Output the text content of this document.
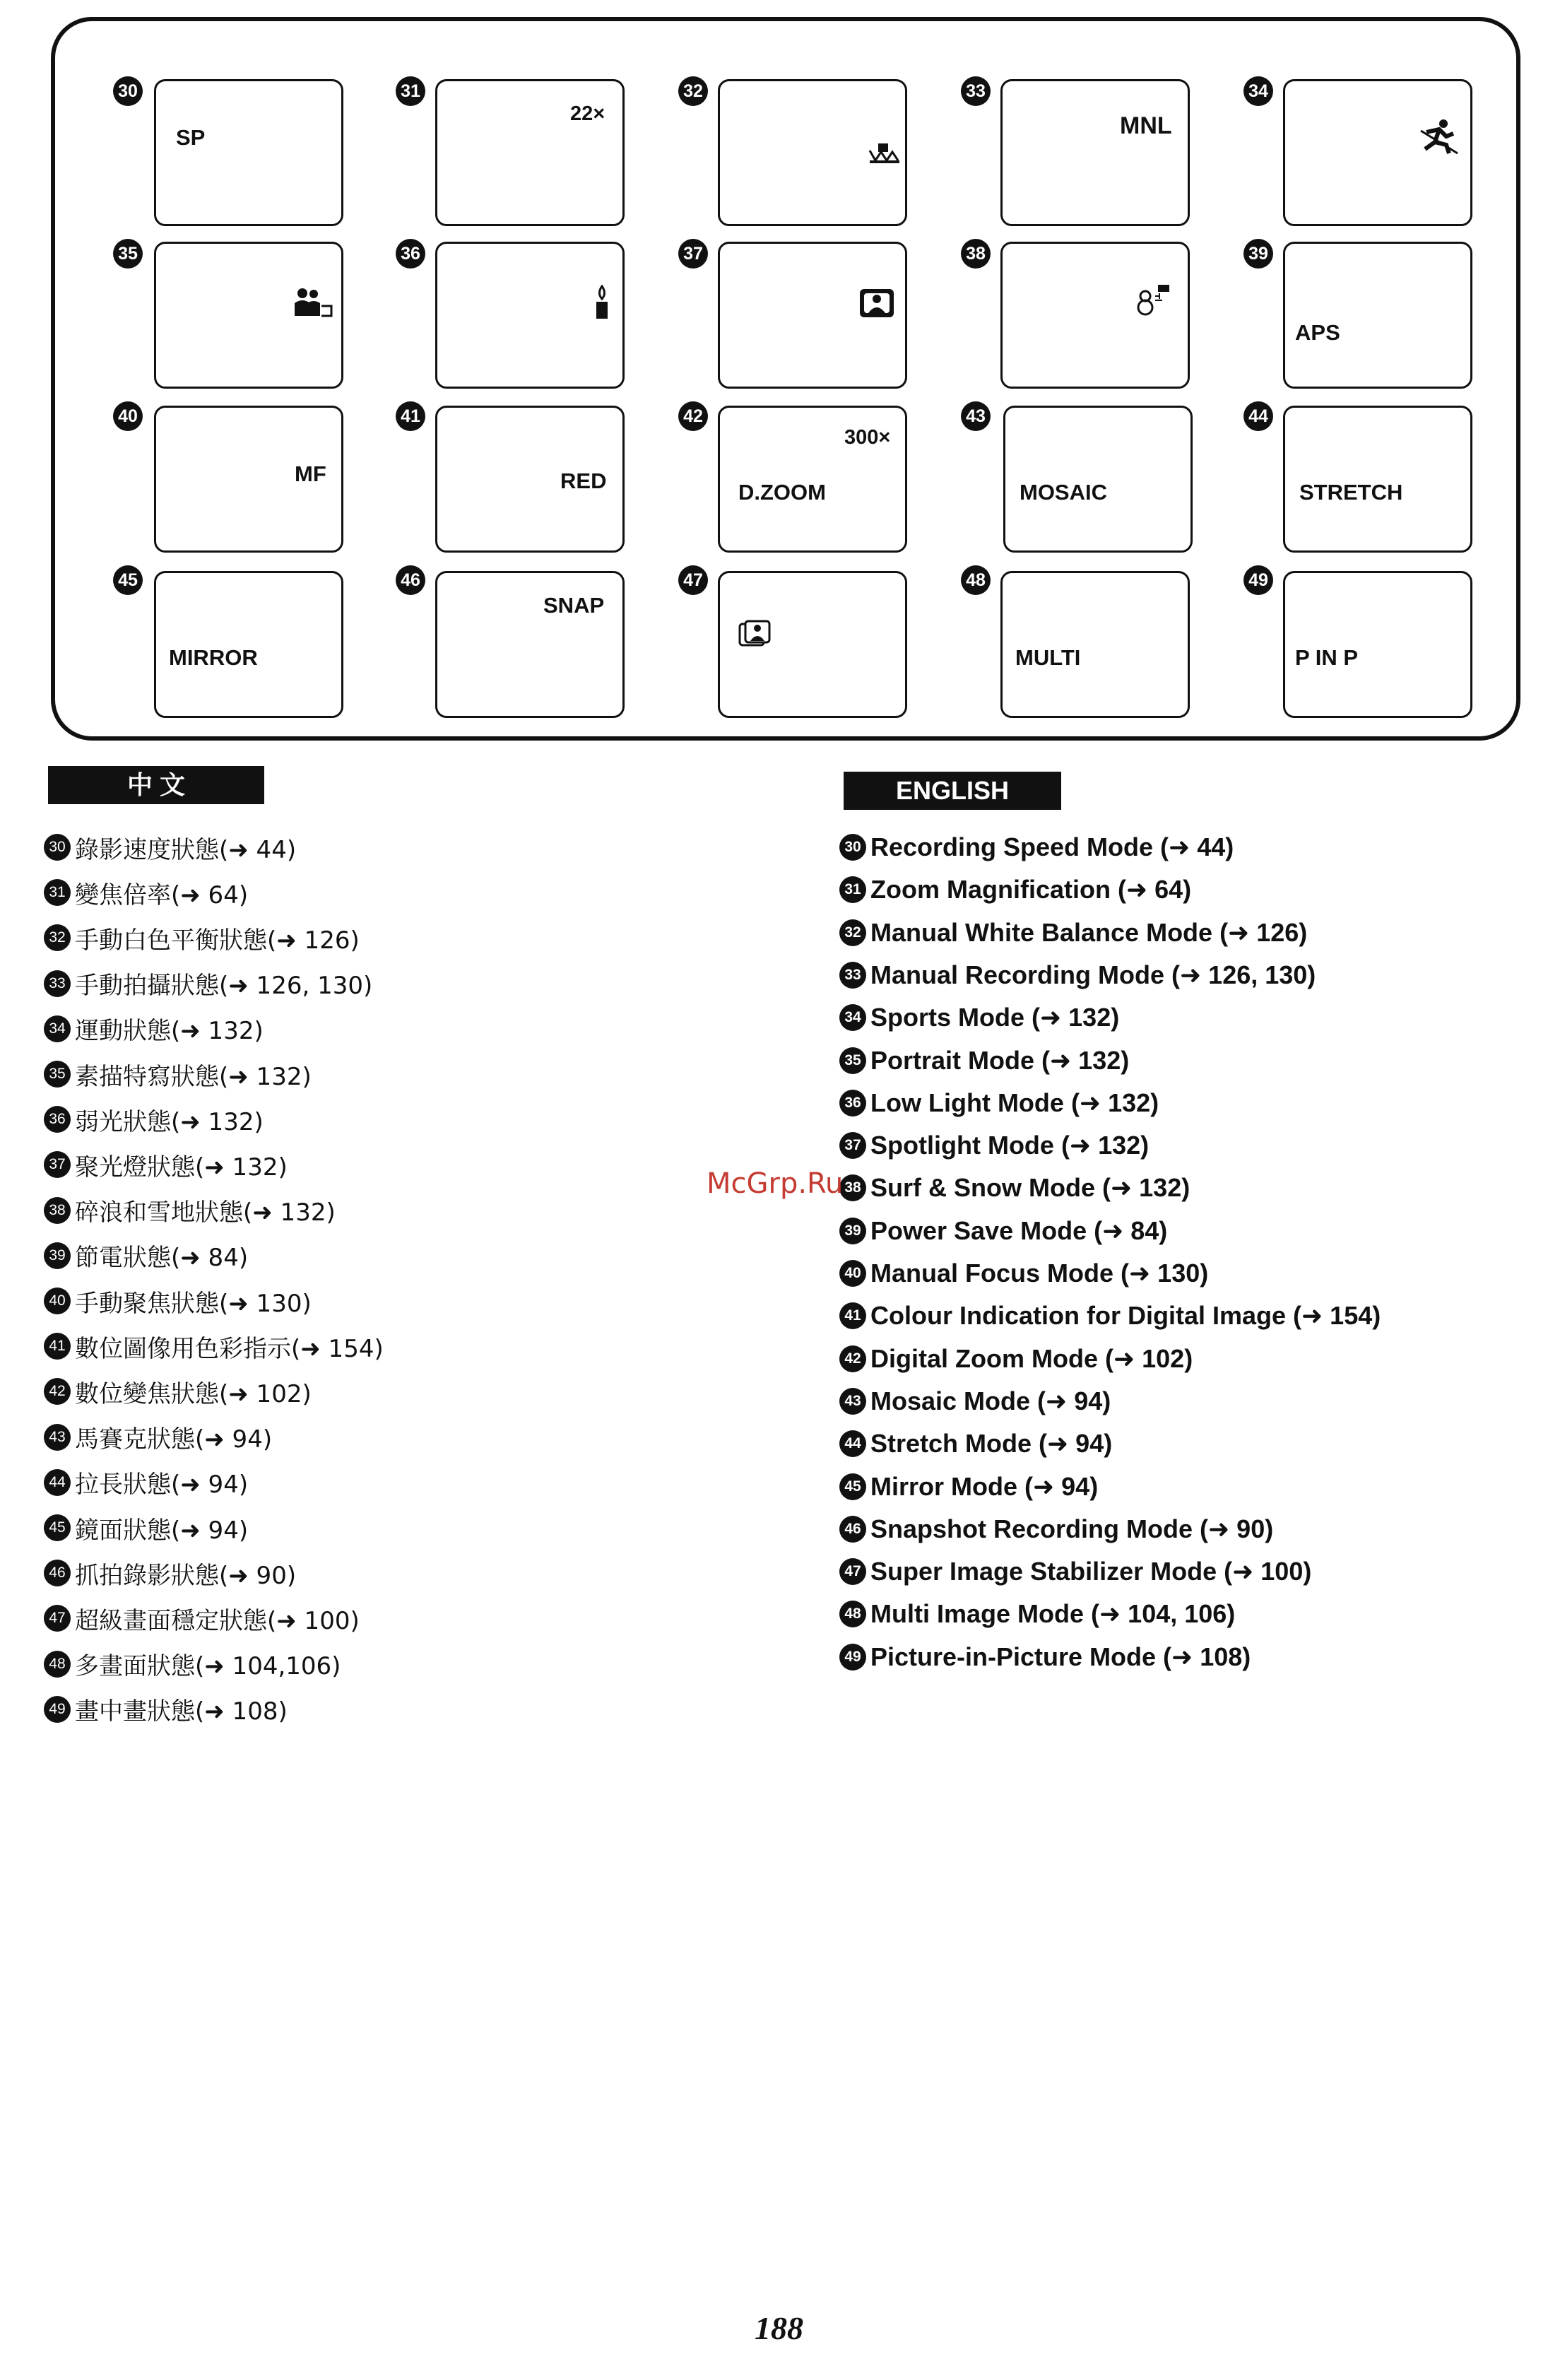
30
SP
31
22×
32	33
MNL
34
35	36	37	38	39
APS
40
MF
41
RED
42
300×
D.ZOOM
43
MOSAIC
44
STRETCH
45
MIRROR
46
SNAP
47	48
MULTI
49
P IN P
中 文
30 錄影速度狀態(➜ 44)
31 變焦倍率(➜ 64)
32 手動白色平衡狀態(➜ 126)
33 手動拍攝狀態(➜ 126, 130)
34 運動狀態(➜ 132)
35 素描特寫狀態(➜ 132)
36 弱光狀態(➜ 132)
37 聚光燈狀態(➜ 132)
38 碎浪和雪地狀態(➜ 132)
39 節電狀態(➜ 84)
40 手動聚焦狀態(➜ 130)
41 數位圖像用色彩指示(➜ 154)
42 數位變焦狀態(➜ 102)
43 馬賽克狀態(➜ 94)
44 拉長狀態(➜ 94)
45 鏡面狀態(➜ 94)
46 抓拍錄影狀態(➜ 90)
47 超級畫面穩定狀態(➜ 100)
48 多畫面狀態(➜ 104,106)
49 畫中畫狀態(➜ 108)
ENGLISH
30 Recording Speed Mode (➜ 44)
31 Zoom Magnification (➜ 64)
32 Manual White Balance Mode (➜ 126)
33 Manual Recording Mode (➜ 126, 130)
34 Sports Mode (➜ 132)
35 Portrait Mode (➜ 132)
36 Low Light Mode (➜ 132)
37 Spotlight Mode (➜ 132)
38 Surf & Snow Mode (➜ 132)
39 Power Save Mode (➜ 84)
40 Manual Focus Mode (➜ 130)
41 Colour Indication for Digital Image (➜ 154)
42 Digital Zoom Mode (➜ 102)
43 Mosaic Mode (➜ 94)
44 Stretch Mode (➜ 94)
45 Mirror Mode (➜ 94)
46 Snapshot Recording Mode (➜ 90)
47 Super Image Stabilizer Mode (➜ 100)
48 Multi Image Mode (➜ 104, 106)
49 Picture-in-Picture Mode (➜ 108)
McGrp.Ru
188
